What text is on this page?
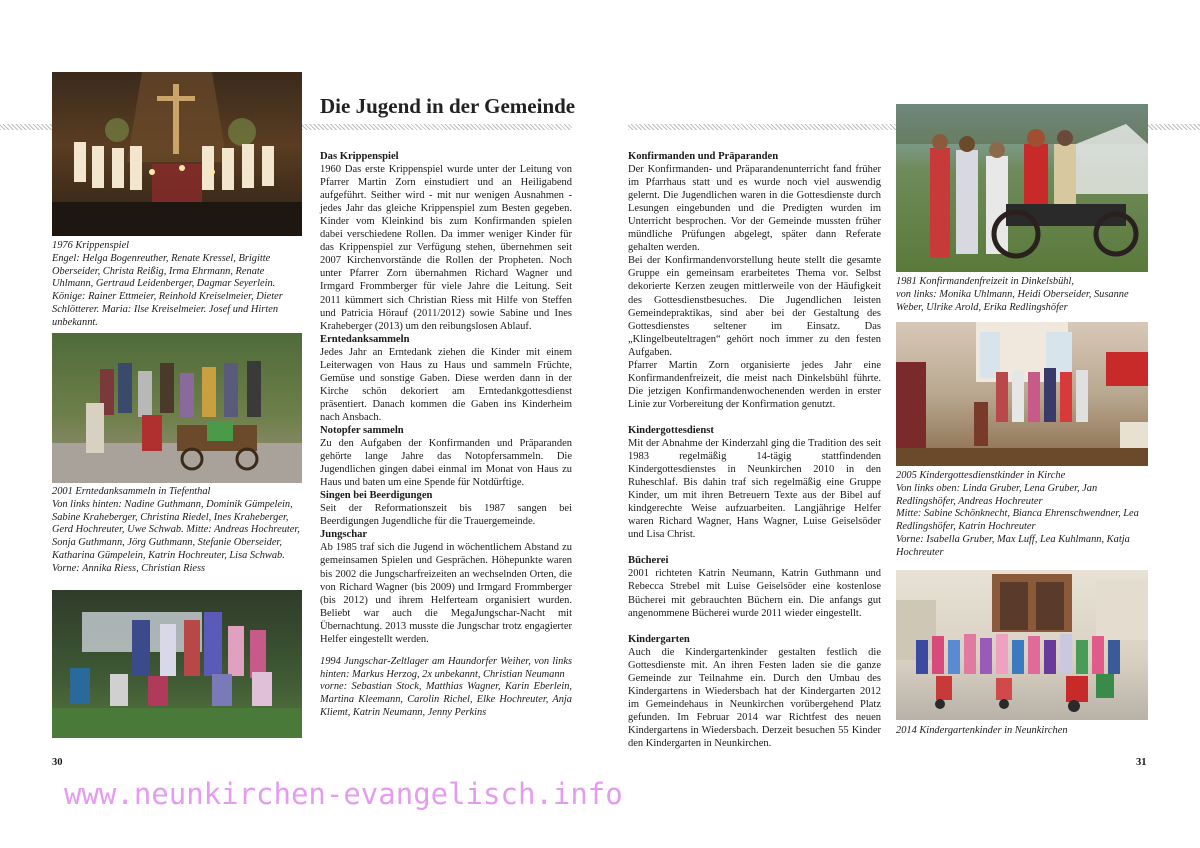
Die Jugend in der Gemeinde
1976 Krippenspiel
Engel: Helga Bogenreuther, Renate Kressel, Brigitte Oberseider, Christa Reißig, Irma Ehrmann, Renate Uhlmann, Gertraud Leidenberger, Dagmar Seyerlein. Könige: Rainer Ettmeier, Reinhold Kreiselmeier, Dieter Schlötterer. Maria: Ilse Kreiselmeier. Josef und Hirten unbekannt.
2001 Erntedanksammeln in Tiefenthal
Von links hinten: Nadine Guthmann, Dominik Gümpelein, Sabine Kraheberger, Christina Riedel, Ines Kraheberger, Gerd Hochreuter, Uwe Schwab. Mitte: Andreas Hochreuter, Sonja Guthmann, Jörg Guthmann, Stefanie Oberseider, Katharina Gümpelein, Katrin Hochreuter, Lisa Schwab.
Vorne: Annika Riess, Christian Riess
Das Krippenspiel

1960 Das erste Krippenspiel wurde unter der Leitung von Pfarrer Martin Zorn einstudiert und an Heiligabend aufgeführt. Seither wird - mit nur wenigen Ausnahmen - jedes Jahr das gleiche Krippenspiel zum Besten gegeben. Kinder vom Kleinkind bis zum Konfirmanden spielen dabei verschiedene Rollen. Da immer weniger Kinder für das Krippenspiel zur Verfügung stehen, übernehmen seit 2007 Kirchenvorstände die Rollen der Propheten. Noch unter Pfarrer Zorn übernahmen Richard Wagner und Irmgard Frommberger für viele Jahre die Leitung. Seit 2011 kümmert sich Christian Riess mit Hilfe von Steffen und Patricia Hörauf (2011/2012) sowie Sabine und Ines Kraheberger (2013) um den reibungslosen Ablauf.

Erntedanksammeln

Jedes Jahr an Erntedank ziehen die Kinder mit einem Leiterwagen von Haus zu Haus und sammeln Früchte, Gemüse und sonstige Gaben. Diese werden dann in der Kirche schön dekoriert am Erntedankgottesdienst präsentiert. Danach kommen die Gaben ins Kinderheim nach Ansbach.

Notopfer sammeln

Zu den Aufgaben der Konfirmanden und Präparanden gehörte lange Jahre das Notopfersammeln. Die Jugendlichen gingen dabei einmal im Monat von Haus zu Haus und baten um eine Spende für Notdürftige.

Singen bei Beerdigungen

Seit der Reformationszeit bis 1987 sangen bei Beerdigungen Jugendliche für die Trauergemeinde.

Jungschar

Ab 1985 traf sich die Jugend in wöchentlichem Abstand zu gemeinsamen Spielen und Gesprächen. Höhepunkte waren bis 2002 die Jungscharfreizeiten an wechselnden Orten, die von Richard Wagner (bis 2009) und Irmgard Frommberger (bis 2012) und ihrem Helferteam organisiert wurden. Beliebt war auch die MegaJungschar-Nacht mit Übernachtung. 2013 musste die Jungschar trotz engagierter Helfer eingestellt werden.

1994 Jungschar-Zeltlager am Haundorfer Weiher, von links hinten: Markus Herzog, 2x unbekannt, Christian Neumann
vorne: Sebastian Stock, Matthias Wagner, Karin Eberlein, Martina Kleemann, Carolin Richel, Elke Hochreuter, Anja Kliemt, Katrin Neumann, Jenny Perkins
30
Konfirmanden und Präparanden

Der Konfirmanden- und Präparandenunterricht fand früher im Pfarrhaus statt und es wurde noch viel auswendig gelernt. Die Jugendlichen waren in die Gottesdienste durch Lesungen eingebunden und die Predigten wurden im Unterricht besprochen. Vor der Gemeinde mussten früher mündliche Prüfungen abgelegt, später dann Referate gehalten werden.

Bei der Konfirmandenvorstellung heute stellt die gesamte Gruppe ein gemeinsam erarbeitetes Thema vor. Selbst dekorierte Kerzen zeugen mittlerweile von der Häufigkeit des Gottesdienstbesuches. Die Jugendlichen leisten Gemeindepraktikas, sind aber bei der Gestaltung des Gottesdienstes seltener im Einsatz. Das „Klingelbeuteltragen“ gehört noch immer zu den festen Aufgaben.

Pfarrer Martin Zorn organisierte jedes Jahr eine Konfirmandenfreizeit, die meist nach Dinkelsbühl führte. Die jetzigen Konfirmandenwochenenden werden in erster Linie zur Vorbereitung der Konfirmation genutzt.

Kindergottesdienst

Mit der Abnahme der Kinderzahl ging die Tradition des seit 1983 regelmäßig 14-tägig stattfindenden Kindergottesdienstes in Neunkirchen 2010 in den Ruheschlaf. Bis dahin traf sich regelmäßig eine Gruppe Kinder, um mit ihren Betreuern Texte aus der Bibel auf kindgerechte Weise aufzuarbeiten. Langjährige Helfer waren Richard Wagner, Hans Wagner, Luise Geiselsöder und Lisa Christ.

Bücherei

2001 richteten Katrin Neumann, Katrin Guthmann und Rebecca Strebel mit Luise Geiselsöder eine kostenlose Bücherei mit gebrauchten Büchern ein. Die anfangs gut angenommene Bücherei wurde 2011 wieder eingestellt.

Kindergarten

Auch die Kindergartenkinder gestalten festlich die Gottesdienste mit. An ihren Festen laden sie die ganze Gemeinde zur Teilnahme ein. Durch den Umbau des Kindergartens in Wiedersbach hat der Kindergarten 2012 im Gemeindehaus in Neunkirchen vorübergehend Platz gefunden. Im Februar 2014 war Richtfest des neuen Kindergartens in Wiedersbach. Derzeit besuchen 55 Kinder den Kindergarten in Neunkirchen.

1981 Konfirmandenfreizeit in Dinkelsbühl,
von links: Monika Uhlmann, Heidi Oberseider, Susanne Weber, Ulrike Arold, Erika Redlingshöfer
2005 Kindergottesdienstkinder in Kirche
Von links oben: Linda Gruber, Lena Gruber, Jan Redlingshöfer, Andreas Hochreuter
Mitte: Sabine Schönknecht, Bianca Ehrenschwendner, Lea Redlingshöfer, Katrin Hochreuter
Vorne: Isabella Gruber, Max Luff, Lea Kuhlmann, Katja Hochreuter
2014 Kindergartenkinder in Neunkirchen
31
www.neunkirchen-evangelisch.info
